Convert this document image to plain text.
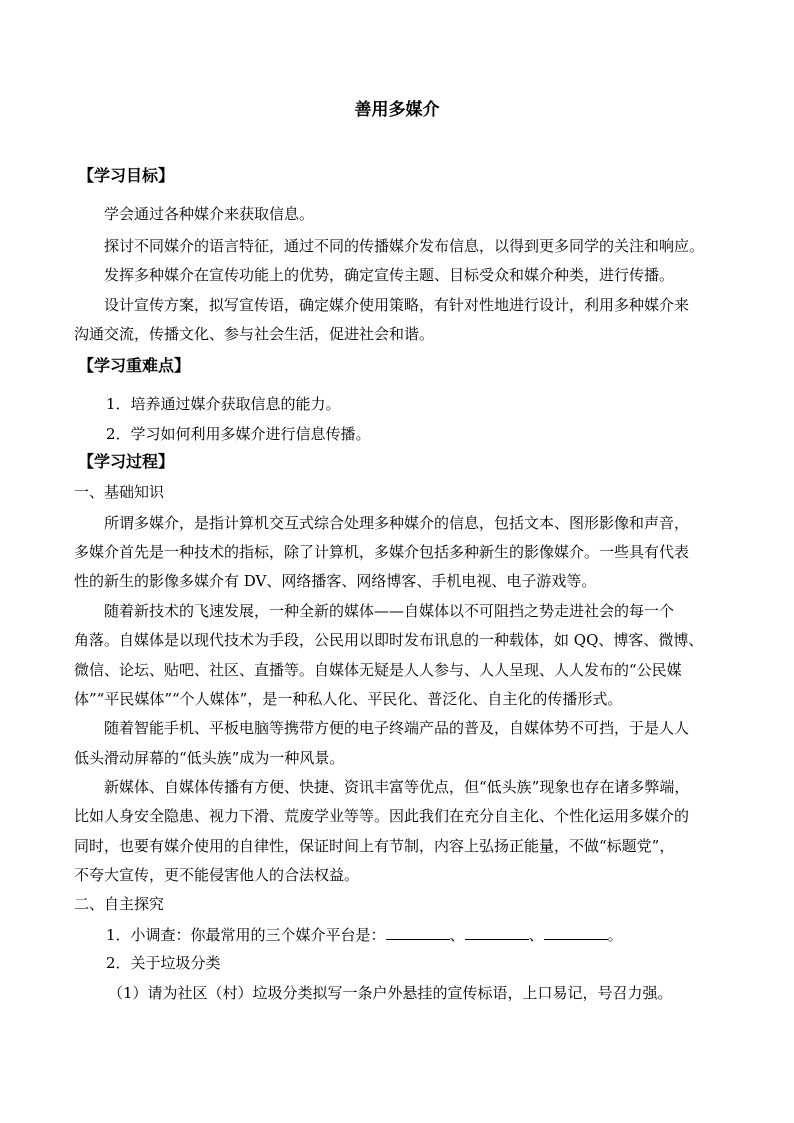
善用多媒介
【学习目标】
学会通过各种媒介来获取信息。
探讨不同媒介的语言特征，通过不同的传播媒介发布信息，以得到更多同学的关注和响应。
发挥多种媒介在宣传功能上的优势，确定宣传主题、目标受众和媒介种类，进行传播。
设计宣传方案，拟写宣传语，确定媒介使用策略，有针对性地进行设计，利用多种媒介来
沟通交流，传播文化、参与社会生活，促进社会和谐。
【学习重难点】
1．培养通过媒介获取信息的能力。
2．学习如何利用多媒介进行信息传播。
【学习过程】
一、基础知识
所谓多媒介，是指计算机交互式综合处理多种媒介的信息，包括文本、图形影像和声音，
多媒介首先是一种技术的指标，除了计算机，多媒介包括多种新生的影像媒介。一些具有代表
性的新生的影像多媒介有 DV、网络播客、网络博客、手机电视、电子游戏等。
随着新技术的飞速发展，一种全新的媒体——自媒体以不可阻挡之势走进社会的每一个
角落。自媒体是以现代技术为手段，公民用以即时发布讯息的一种载体，如 QQ、博客、微博、
微信、论坛、贴吧、社区、直播等。自媒体无疑是人人参与、人人呈现、人人发布的“公民媒
体”“平民媒体”“个人媒体”，是一种私人化、平民化、普泛化、自主化的传播形式。
随着智能手机、平板电脑等携带方便的电子终端产品的普及，自媒体势不可挡，于是人人
低头滑动屏幕的“低头族”成为一种风景。
新媒体、自媒体传播有方便、快捷、资讯丰富等优点，但“低头族”现象也存在诸多弊端，
比如人身安全隐患、视力下滑、荒废学业等等。因此我们在充分自主化、个性化运用多媒介的
同时，也要有媒介使用的自律性，保证时间上有节制，内容上弘扬正能量，不做“标题党”，
不夸大宣传，更不能侵害他人的合法权益。
二、自主探究
1．小调查：你最常用的三个媒介平台是：	、	、	。
2．关于垃圾分类
（1）请为社区（村）垃圾分类拟写一条户外悬挂的宣传标语，上口易记，号召力强。
